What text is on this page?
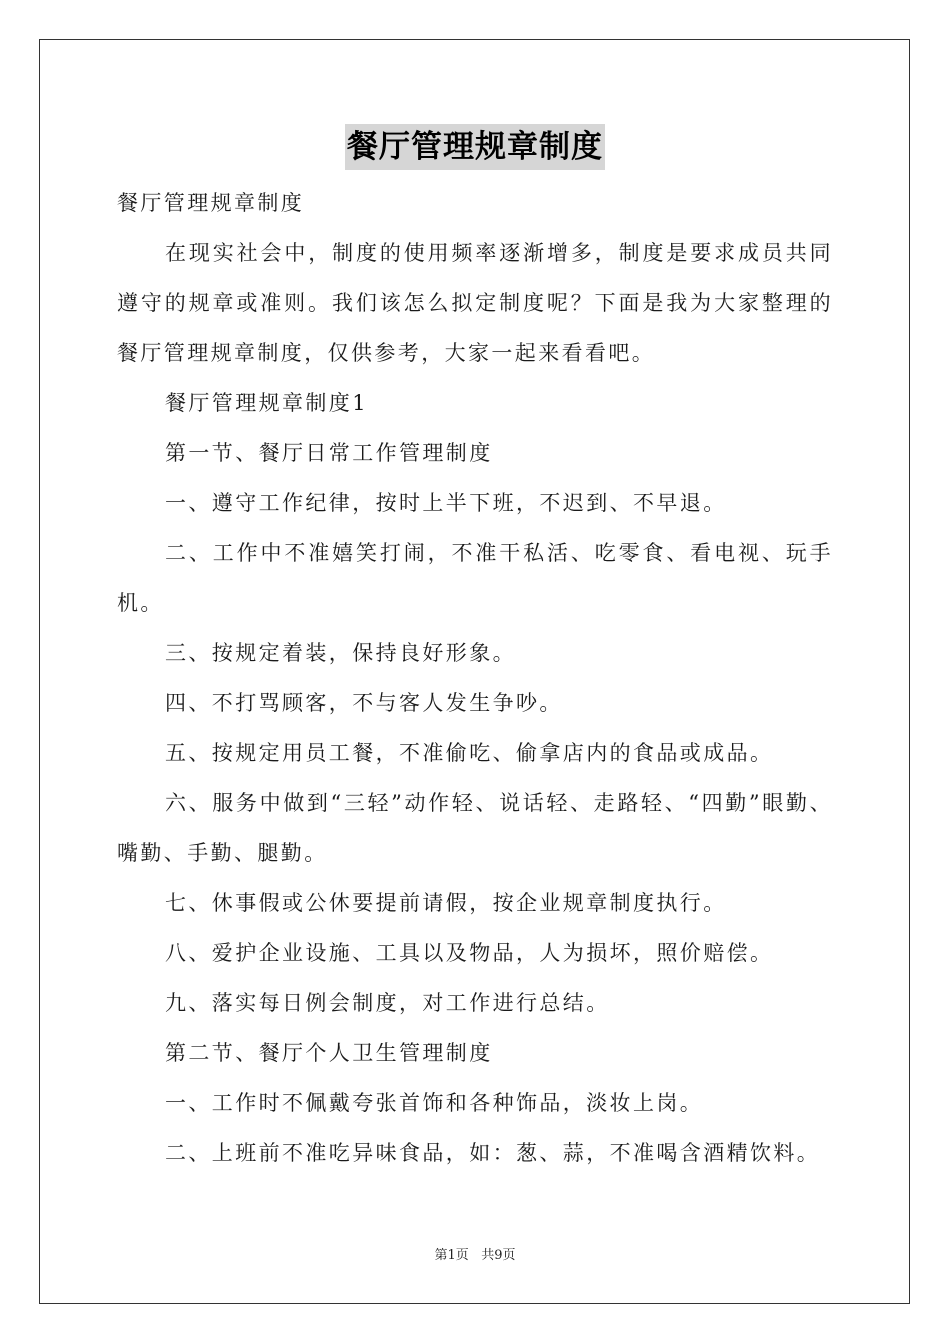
餐厅管理规章制度

餐厅管理规章制度

在现实社会中，制度的使用频率逐渐增多，制度是要求成员共同遵守的规章或准则。我们该怎么拟定制度呢？下面是我为大家整理的餐厅管理规章制度，仅供参考，大家一起来看看吧。

餐厅管理规章制度1

第一节、餐厅日常工作管理制度

一、遵守工作纪律，按时上半下班，不迟到、不早退。

二、工作中不准嬉笑打闹，不准干私活、吃零食、看电视、玩手机。

三、按规定着装，保持良好形象。

四、不打骂顾客，不与客人发生争吵。

五、按规定用员工餐，不准偷吃、偷拿店内的食品或成品。

六、服务中做到“三轻”动作轻、说话轻、走路轻、“四勤”眼勤、嘴勤、手勤、腿勤。

七、休事假或公休要提前请假，按企业规章制度执行。

八、爱护企业设施、工具以及物品，人为损坏，照价赔偿。

九、落实每日例会制度，对工作进行总结。

第二节、餐厅个人卫生管理制度

一、工作时不佩戴夸张首饰和各种饰品，淡妆上岗。

二、上班前不准吃异味食品，如：葱、蒜，不准喝含酒精饮料。

第1页 共9页
